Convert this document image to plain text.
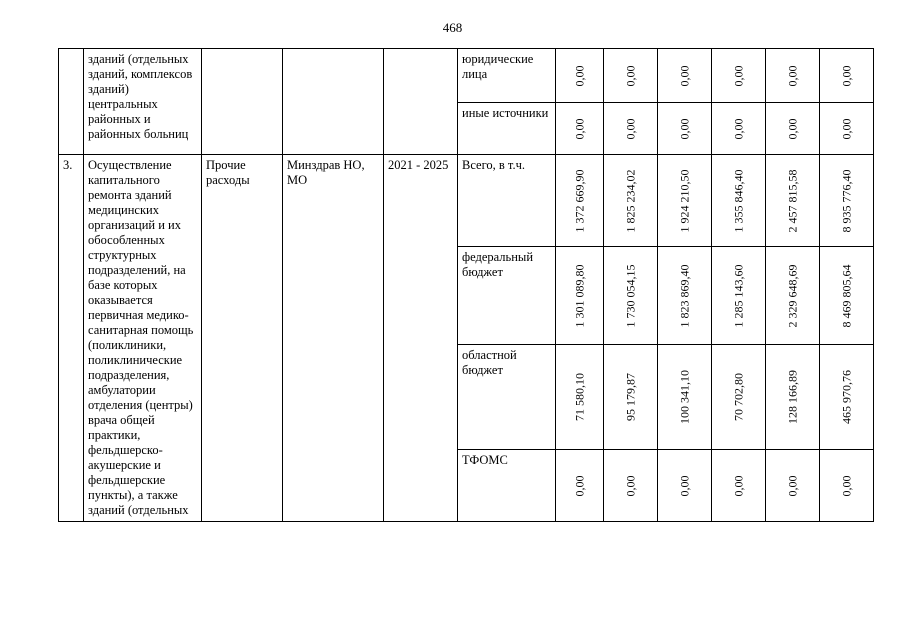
468
	зданий (отдельных зданий, комплексов зданий) центральных районных и районных больниц				юридические лица	0,00	0,00	0,00	0,00	0,00	0,00

					иные источники	0,00	0,00	0,00	0,00	0,00	0,00

3.	Осуществление капитального ремонта зданий медицинских организаций и их обособленных структурных подразделений, на базе которых оказывается первичная медико-санитарная помощь (поликлиники, поликлинические подразделения, амбулатории отделения (центры) врача общей практики, фельдшерско-акушерские и фельдшерские пункты), а также зданий (отдельных	Прочие расходы	Минздрав НО, МО	2021 - 2025	Всего, в т.ч.	1 372 669,90	1 825 234,02	1 924 210,50	1 355 846,40	2 457 815,58	8 935 776,40

					федеральный бюджет	1 301 089,80	1 730 054,15	1 823 869,40	1 285 143,60	2 329 648,69	8 469 805,64

					областной бюджет	71 580,10	95 179,87	100 341,10	70 702,80	128 166,89	465 970,76

					ТФОМС	0,00	0,00	0,00	0,00	0,00	0,00
